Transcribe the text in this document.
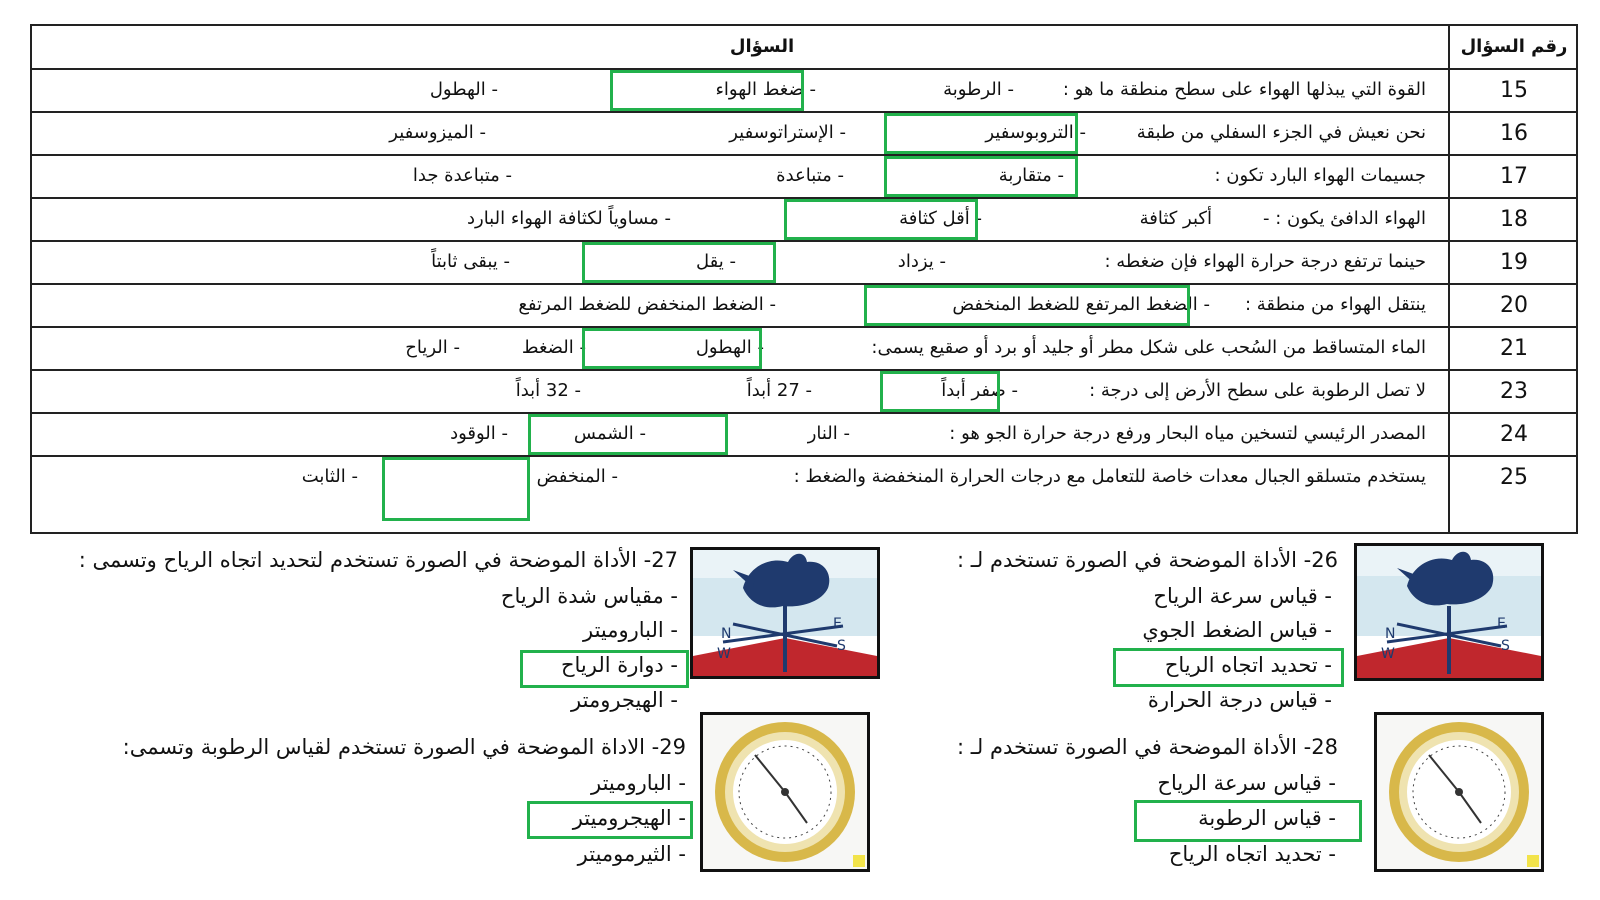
السؤال	رقم السؤال
15
القوة التي يبذلها الهواء على سطح منطقة ما هو :
- الرطوبة
- ضغط الهواء
- الهطول
16
نحن نعيش في الجزء السفلي من طبقة
- التروبوسفير
- الإستراتوسفير
- الميزوسفير
17
جسيمات الهواء البارد تكون :
- متقاربة
- متباعدة
- متباعدة جدا
18
الهواء الدافئ يكون : -
أكبر كثافة
- أقل كثافة
- مساوياً لكثافة الهواء البارد
19
حينما ترتفع درجة حرارة الهواء فإن ضغطه :
- يزداد
- يقل
- يبقى ثابتاً
20
ينتقل الهواء من منطقة :
- الضغط المرتفع للضغط المنخفض
- الضغط المنخفض للضغط المرتفع
21
الماء المتساقط من السُحب على شكل مطر أو جليد أو برد أو صقيع يسمى:
- الهطول
- الضغط
- الرياح
23
لا تصل الرطوبة على سطح الأرض إلى درجة :
- صفر أبداً
- 27 أبداً
- 32 أبداً
24
المصدر الرئيسي لتسخين مياه البحار ورفع درجة حرارة الجو هو :
- النار
- الشمس
- الوقود
25
يستخدم متسلقو الجبال معدات خاصة للتعامل مع درجات الحرارة المنخفضة والضغط :
- المنخفض
- الثابت
N
W
E
S
26- الأداة الموضحة في الصورة تستخدم لـ :
- قياس سرعة الرياح
- قياس الضغط الجوي
- تحديد اتجاه الرياح
- قياس درجة الحرارة
N
W
E
S
27- الأداة الموضحة في الصورة تستخدم لتحديد اتجاه الرياح وتسمى :
- مقياس شدة الرياح
- الباروميتر
- دوارة الرياح
- الهيجرومتر
28- الأداة الموضحة في الصورة تستخدم لـ :
- قياس سرعة الرياح
- قياس الرطوبة
- تحديد اتجاه الرياح
29- الاداة الموضحة في الصورة تستخدم لقياس الرطوبة وتسمى:
- الباروميتر
- الهيجروميتر
- الثيرموميتر
